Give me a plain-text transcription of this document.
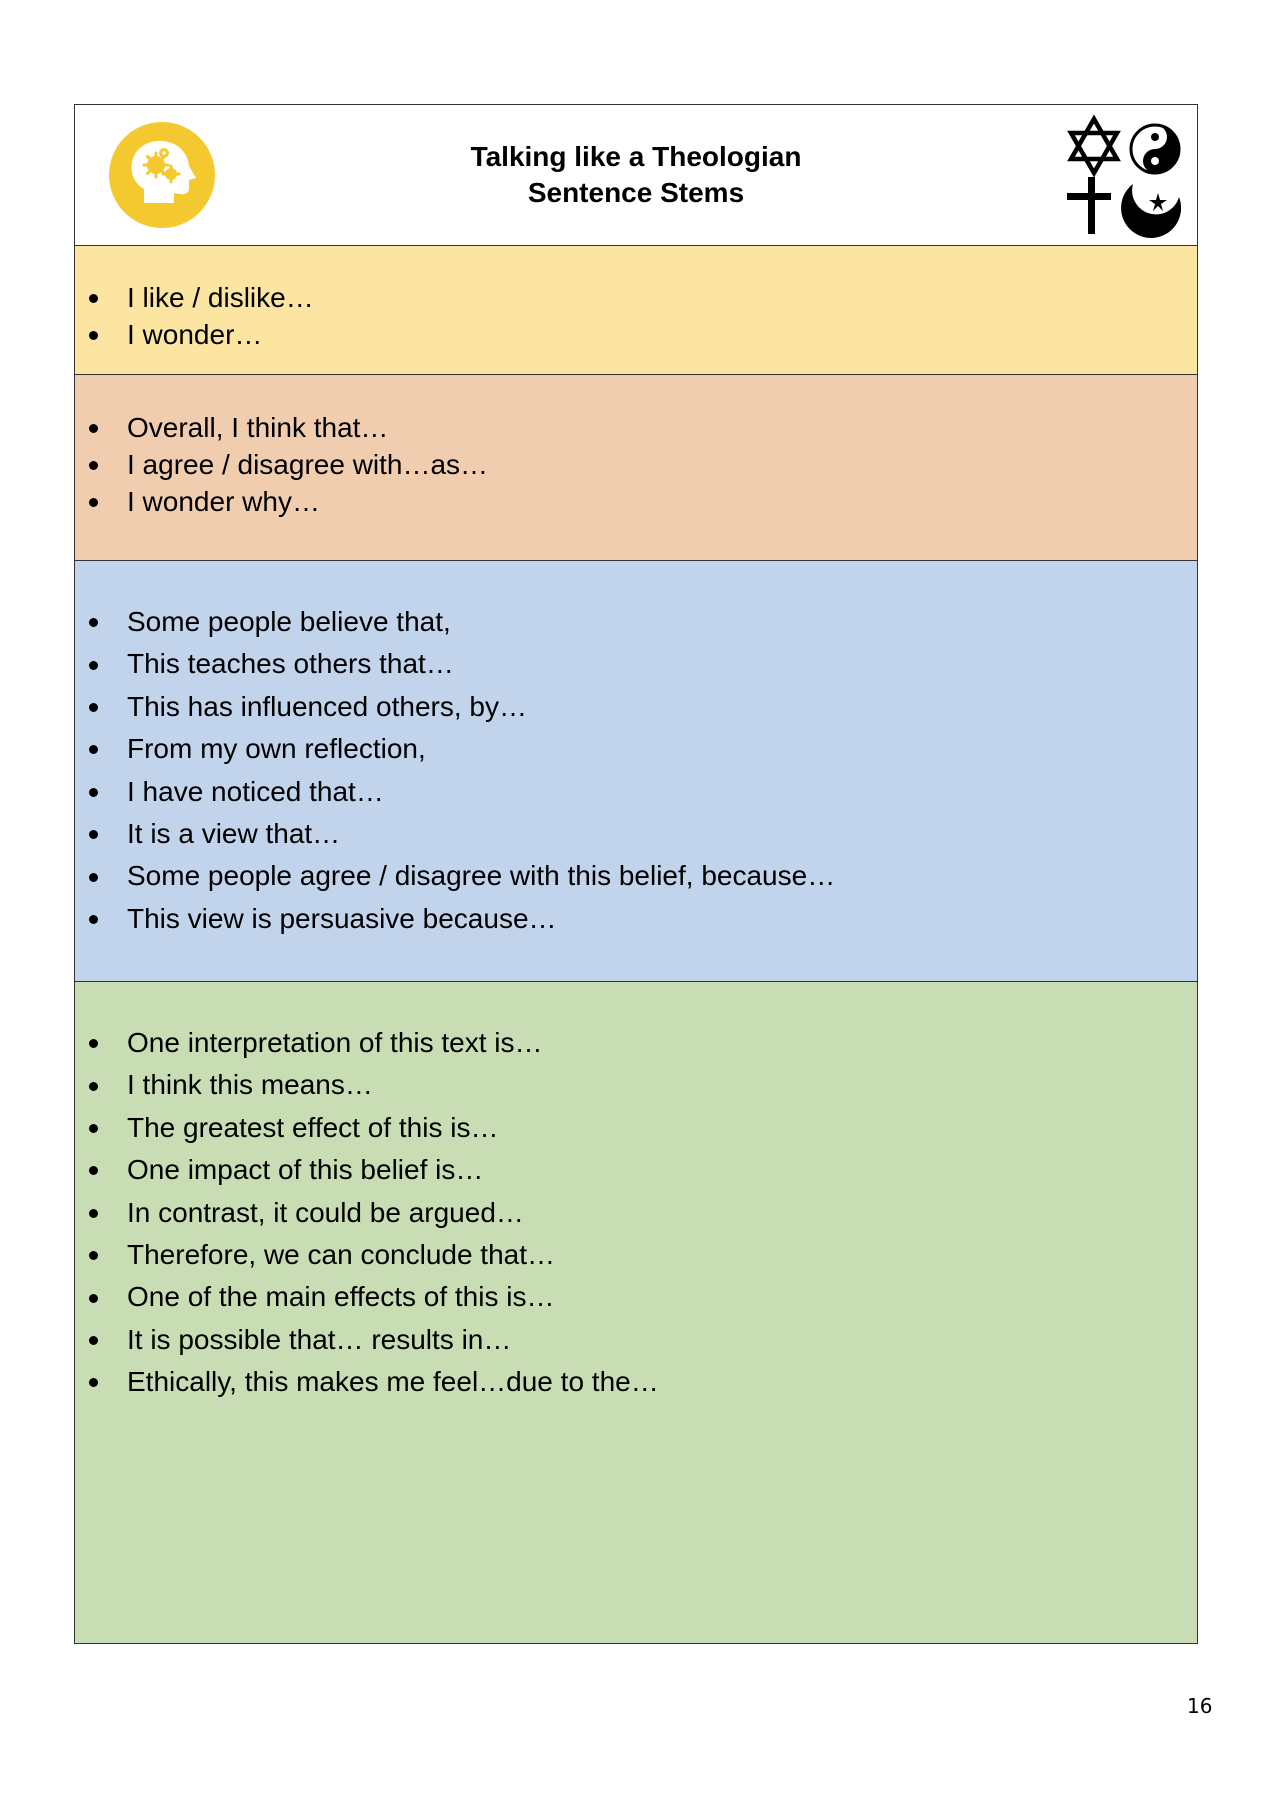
Talking like a Theologian
Sentence Stems
I like / dislike…
I wonder…
Overall, I think that…
I agree / disagree with…as…
I wonder why…
Some people believe that,
This teaches others that…
This has influenced others, by…
From my own reflection,
I have noticed that…
It is a view that…
Some people agree / disagree with this belief, because…
This view is persuasive because…
One interpretation of this text is…
I think this means…
The greatest effect of this is…
One impact of this belief is…
In contrast, it could be argued…
Therefore, we can conclude that…
One of the main effects of this is…
It is possible that… results in…
Ethically, this makes me feel…due to the…
16
